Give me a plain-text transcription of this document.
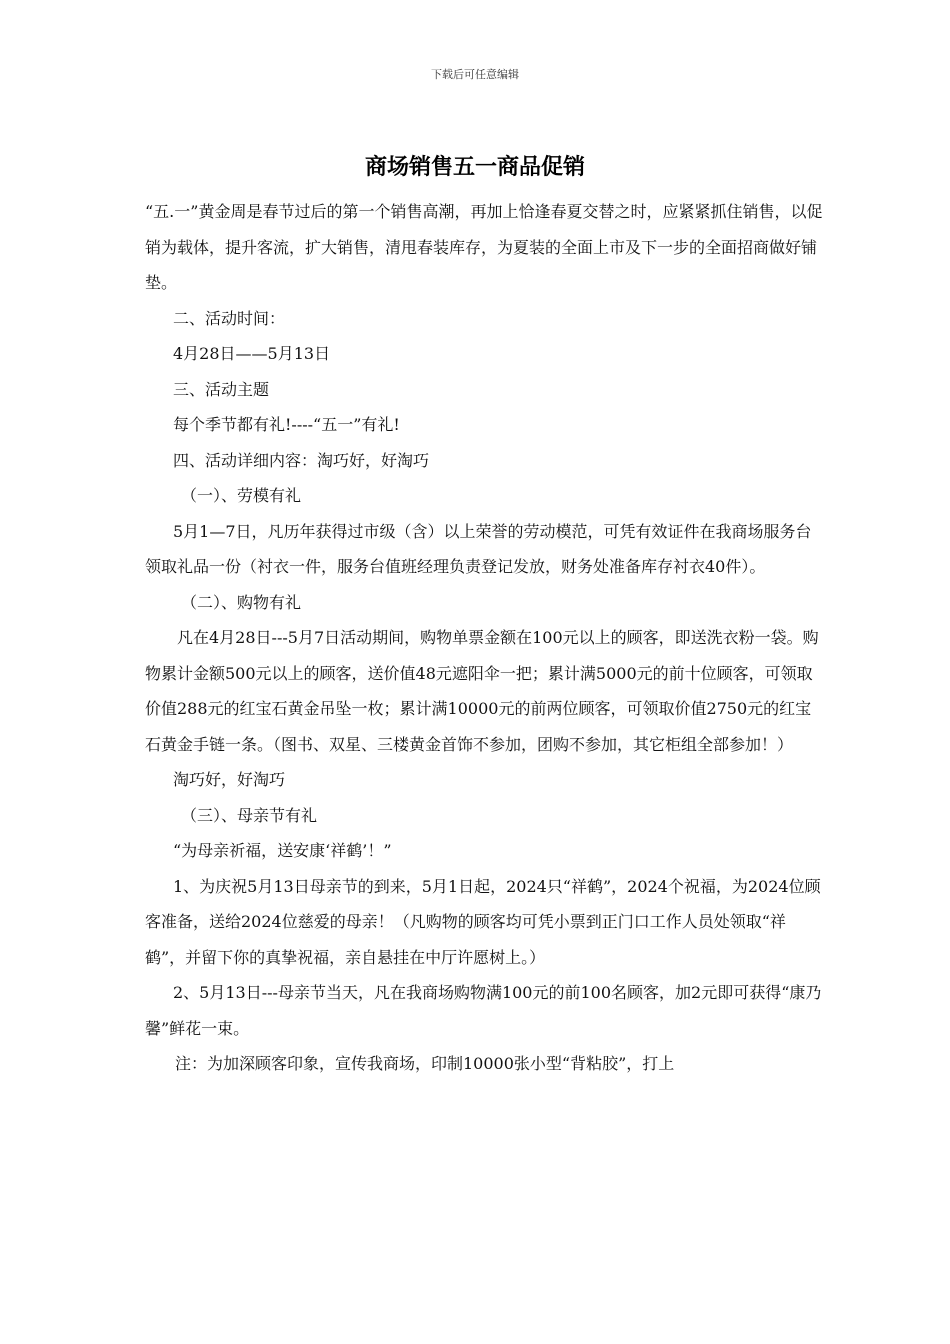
下载后可任意编辑
商场销售五一商品促销

“五.一”黄金周是春节过后的第一个销售高潮，再加上恰逢春夏交替之时，应紧紧抓住销售，以促销为载体，提升客流，扩大销售，清甩春装库存，为夏装的全面上市及下一步的全面招商做好铺垫。

二、活动时间：

4月28日——5月13日

三、活动主题

每个季节都有礼!----“五一”有礼!

四、活动详细内容：淘巧好，好淘巧

（一）、劳模有礼

5月1—7日，凡历年获得过市级（含）以上荣誉的劳动模范，可凭有效证件在我商场服务台领取礼品一份（衬衣一件，服务台值班经理负责登记发放，财务处准备库存衬衣40件）。

（二）、购物有礼

凡在4月28日---5月7日活动期间，购物单票金额在100元以上的顾客，即送洗衣粉一袋。购物累计金额500元以上的顾客，送价值48元遮阳伞一把；累计满5000元的前十位顾客，可领取价值288元的红宝石黄金吊坠一枚；累计满10000元的前两位顾客，可领取价值2750元的红宝石黄金手链一条。（图书、双星、三楼黄金首饰不参加，团购不参加，其它柜组全部参加！）

淘巧好，好淘巧

（三）、母亲节有礼

“为母亲祈福，送安康‘祥鹤’！”

1、为庆祝5月13日母亲节的到来，5月1日起，2024只“祥鹤”，2024个祝福，为2024位顾客准备，送给2024位慈爱的母亲！（凡购物的顾客均可凭小票到正门口工作人员处领取“祥鹤”，并留下你的真挚祝福，亲自悬挂在中厅许愿树上。）

2、5月13日---母亲节当天，凡在我商场购物满100元的前100名顾客，加2元即可获得“康乃馨”鲜花一束。

注：为加深顾客印象，宣传我商场，印制10000张小型“背粘胶”，打上
